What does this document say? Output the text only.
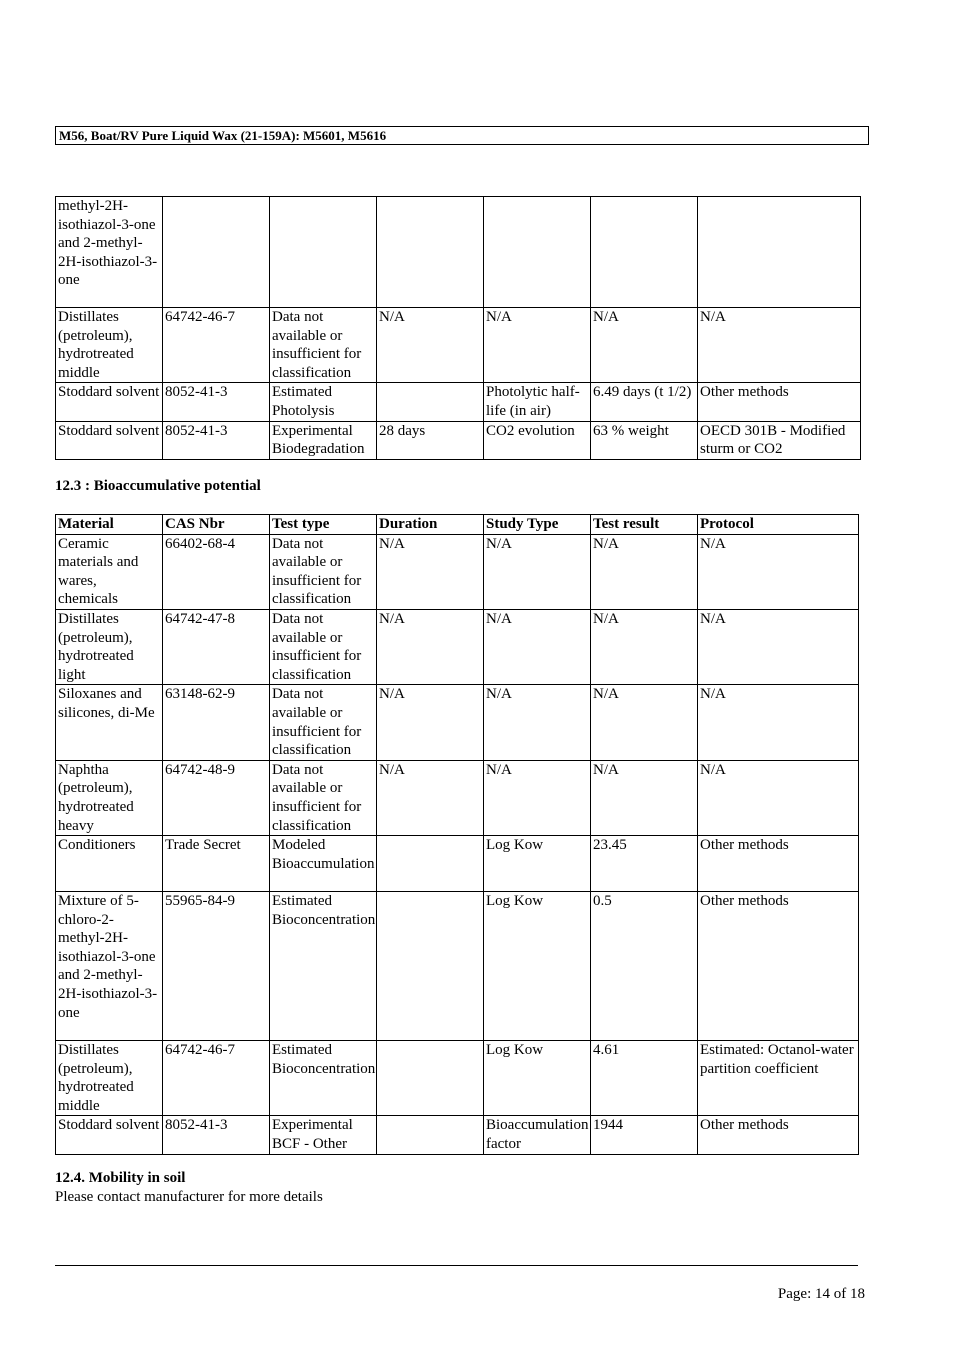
M56, Boat/RV Pure Liquid Wax (21-159A): M5601, M5616
methyl-2H-isothiazol-3-one and 2-methyl-2H-isothiazol-3-one						
Distillates (petroleum), hydrotreated middle	64742-46-7	Data not available or insufficient for classification	N/A	N/A	N/A	N/A
Stoddard solvent	8052-41-3	Estimated Photolysis		Photolytic half-life (in air)	6.49 days (t 1/2)	Other methods
Stoddard solvent	8052-41-3	Experimental Biodegradation	28 days	CO2 evolution	63 % weight	OECD 301B - Modified sturm or CO2
12.3 : Bioaccumulative potential
Material	CAS Nbr	Test type	Duration	Study Type	Test result	Protocol
Ceramic materials and wares, chemicals	66402-68-4	Data not available or insufficient for classification	N/A	N/A	N/A	N/A
Distillates (petroleum), hydrotreated light	64742-47-8	Data not available or insufficient for classification	N/A	N/A	N/A	N/A
Siloxanes and silicones, di-Me	63148-62-9	Data not available or insufficient for classification	N/A	N/A	N/A	N/A
Naphtha (petroleum), hydrotreated heavy	64742-48-9	Data not available or insufficient for classification	N/A	N/A	N/A	N/A
Conditioners	Trade Secret	Modeled Bioaccumulation		Log Kow	23.45	Other methods
Mixture of 5-chloro-2-methyl-2H-isothiazol-3-one and 2-methyl-2H-isothiazol-3-one	55965-84-9	Estimated Bioconcentration		Log Kow	0.5	Other methods
Distillates (petroleum), hydrotreated middle	64742-46-7	Estimated Bioconcentration		Log Kow	4.61	Estimated: Octanol-water partition coefficient
Stoddard solvent	8052-41-3	Experimental BCF - Other		Bioaccumulation factor	1944	Other methods
12.4. Mobility in soil
Please contact manufacturer for more details
Page: 14 of 18
